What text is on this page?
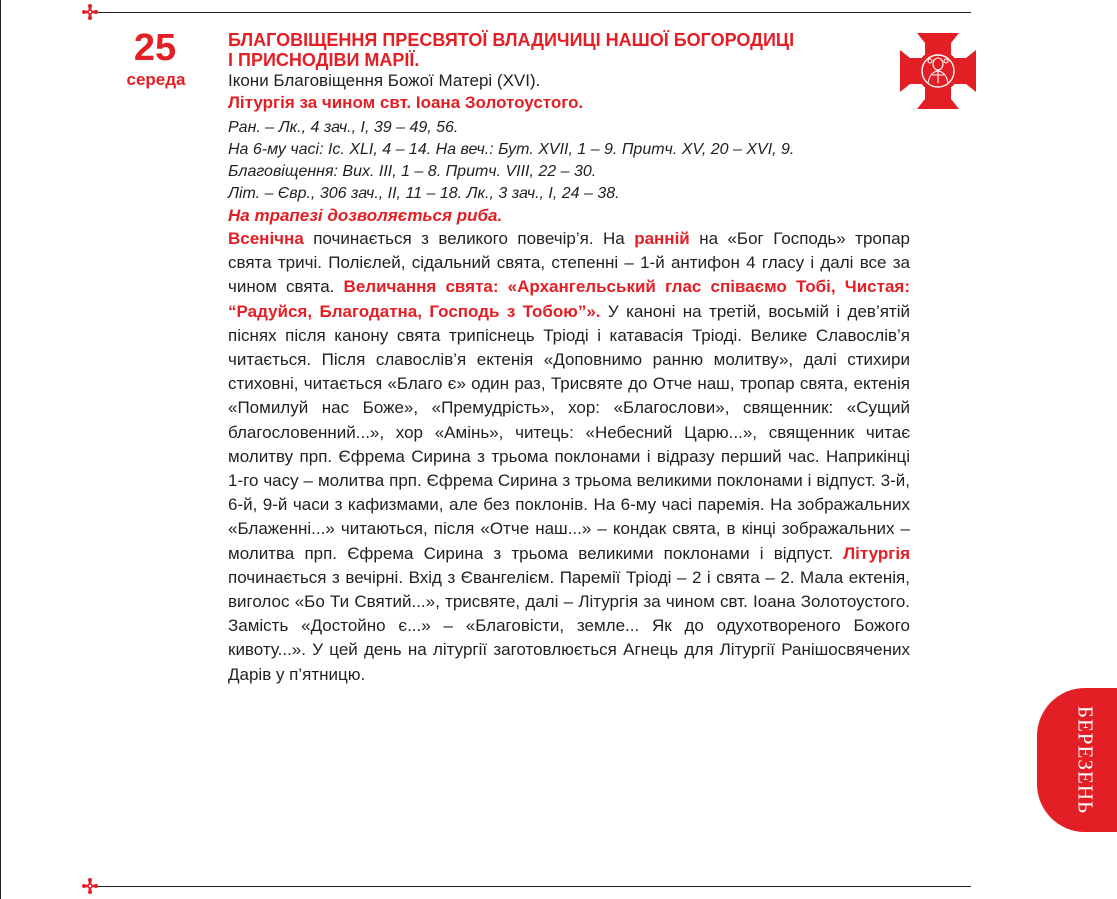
25
середа
БЛАГОВІЩЕННЯ ПРЕСВЯТОЇ ВЛАДИЧИЦІ НАШОЇ БОГОРОДИЦІ
І ПРИСНОДІВИ МАРІЇ.
Ікони Благовіщення Божої Матері (XVI).
Літургія за чином свт. Іоана Золотоустого.
Ран. – Лк., 4 зач., І, 39 – 49, 56.
На 6-му часі: Іс. XLI, 4 – 14. На веч.: Бут. XVII, 1 – 9. Притч. XV, 20 – XVI, 9.
Благовіщення: Вих. ІІІ, 1 – 8. Притч. VIII, 22 – 30.
Літ. – Євр., 306 зач., ІІ, 11 – 18. Лк., 3 зач., І, 24 – 38.
На трапезі дозволяється риба.
Всенічна починається з великого повечір’я. На ранній на «Бог Господь» тропар свята тричі. Полієлей, сідальний свята, степенні – 1-й антифон 4 гласу і далі все за чином свята. Величання свята: «Архангельський глас співаємо Тобі, Чистая: “Радуйся, Благодатна, Господь з Тобою”». У каноні на третій, восьмій і дев’ятій піснях після канону свята трипіснець Тріоді і катавасія Тріоді. Велике Славослів’я читається. Після славослів’я ектенія «Доповнимо ранню молитву», далі стихири стиховні, читається «Благо є» один раз, Трисвяте до Отче наш, тропар свята, ектенія «Помилуй нас Боже», «Премудрість», хор: «Благослови», священник: «Сущий благословенний...», хор «Амінь», читець: «Небесний Царю...», священник читає молитву прп. Єфрема Сирина з трьома поклонами і відразу перший час. Наприкінці 1-го часу – молитва прп. Єфрема Сирина з трьома великими поклонами і відпуст. 3-й, 6-й, 9-й часи з кафизмами, але без поклонів. На 6-му часі паремія. На зображальних «Блаженні...» читаються, після «Отче наш...» – кондак свята, в кінці зображальних – молитва прп. Єфрема Сирина з трьома великими поклонами і відпуст. Літургія починається з вечірні. Вхід з Євангелієм. Паремії Тріоді – 2 і свята – 2. Мала ектенія, виголос «Бо Ти Святий...», трисвяте, далі – Літургія за чином свт. Іоана Золотоустого. Замість «Достойно є...» – «Благовісти, земле... Як до одухотвореного Божого кивоту...». У цей день на літургії заготовлюється Агнець для Літургії Ранішосвячених Дарів у п’ятницю.
БЕРЕЗЕНЬ
